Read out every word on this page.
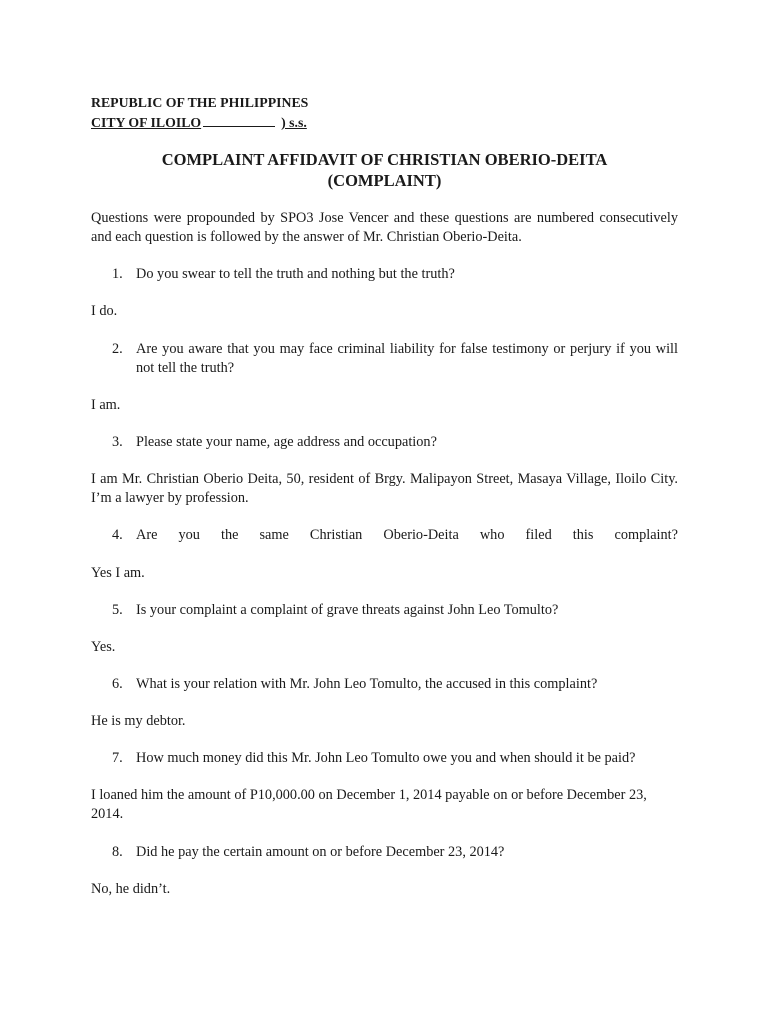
REPUBLIC OF THE PHILIPPINES
CITY OF ILOILO	) s.s.
COMPLAINT AFFIDAVIT OF CHRISTIAN OBERIO-DEITA
(COMPLAINT)
Questions were propounded by SPO3 Jose Vencer and these questions are numbered consecutively and each question is followed by the answer of Mr. Christian Oberio-Deita.
1. Do you swear to tell the truth and nothing but the truth?
I do.
2. Are you aware that you may face criminal liability for false testimony or perjury if you will not tell the truth?
I am.
3. Please state your name, age address and occupation?
I am Mr. Christian Oberio Deita, 50, resident of Brgy. Malipayon Street, Masaya Village, Iloilo City. I’m a lawyer by profession.
4. Are you the same Christian Oberio-Deita who filed this complaint?
Yes I am.
5. Is your complaint a complaint of grave threats against John Leo Tomulto?
Yes.
6. What is your relation with Mr. John Leo Tomulto, the accused in this complaint?
He is my debtor.
7. How much money did this Mr. John Leo Tomulto owe you and when should it be paid?
I loaned him the amount of P10,000.00 on December 1, 2014 payable on or before December 23, 2014.
8. Did he pay the certain amount on or before December 23, 2014?
No, he didn’t.
